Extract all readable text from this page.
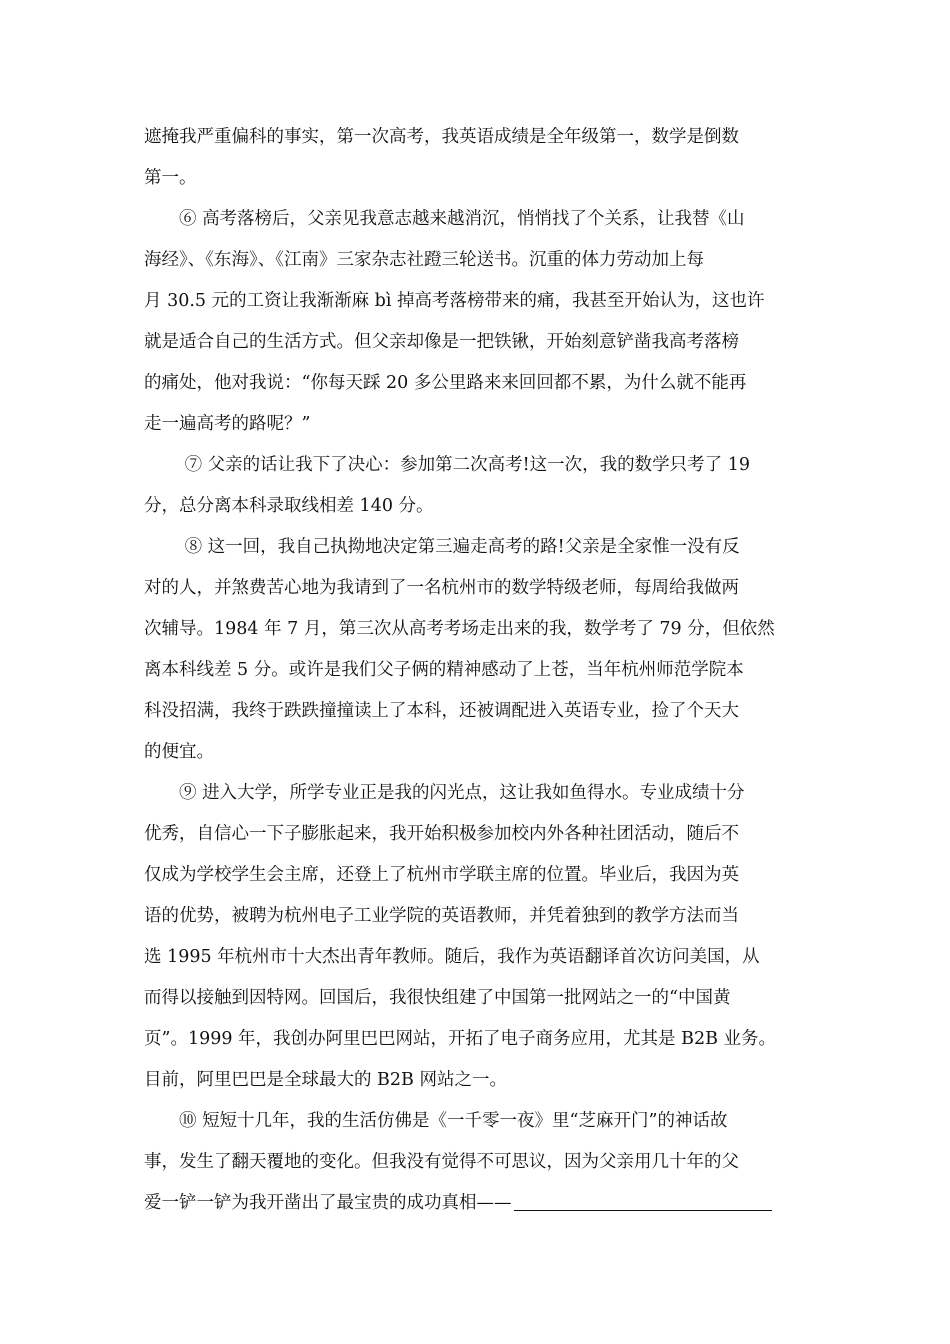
遮掩我严重偏科的事实，第一次高考，我英语成绩是全年级第一，数学是倒数
第一。
　　⑥ 高考落榜后，父亲见我意志越来越消沉，悄悄找了个关系，让我替《山
海经》、《东海》、《江南》三家杂志社蹬三轮送书。沉重的体力劳动加上每
月 30.5 元的工资让我渐渐麻 bì 掉高考落榜带来的痛，我甚至开始认为，这也许
就是适合自己的生活方式。但父亲却像是一把铁锹，开始刻意铲凿我高考落榜
的痛处，他对我说：“你每天踩 20 多公里路来来回回都不累，为什么就不能再
走一遍高考的路呢？”
　　 ⑦ 父亲的话让我下了决心：参加第二次高考!这一次，我的数学只考了 19
分，总分离本科录取线相差 140 分。
　　 ⑧ 这一回，我自己执拗地决定第三遍走高考的路!父亲是全家惟一没有反
对的人，并煞费苦心地为我请到了一名杭州市的数学特级老师，每周给我做两
次辅导。1984 年 7 月，第三次从高考考场走出来的我，数学考了 79 分，但依然
离本科线差 5 分。或许是我们父子俩的精神感动了上苍，当年杭州师范学院本
科没招满，我终于跌跌撞撞读上了本科，还被调配进入英语专业，捡了个天大
的便宜。
　　⑨ 进入大学，所学专业正是我的闪光点，这让我如鱼得水。专业成绩十分
优秀，自信心一下子膨胀起来，我开始积极参加校内外各种社团活动，随后不
仅成为学校学生会主席，还登上了杭州市学联主席的位置。毕业后，我因为英
语的优势，被聘为杭州电子工业学院的英语教师，并凭着独到的教学方法而当
选 1995 年杭州市十大杰出青年教师。随后，我作为英语翻译首次访问美国，从
而得以接触到因特网。回国后，我很快组建了中国第一批网站之一的“中国黄
页”。1999 年，我创办阿里巴巴网站，开拓了电子商务应用，尤其是 B2B 业务。
目前，阿里巴巴是全球最大的 B2B 网站之一。
　　⑩ 短短十几年，我的生活仿佛是《一千零一夜》里“芝麻开门”的神话故
事，发生了翻天覆地的变化。但我没有觉得不可思议，因为父亲用几十年的父
爱一铲一铲为我开凿出了最宝贵的成功真相——
